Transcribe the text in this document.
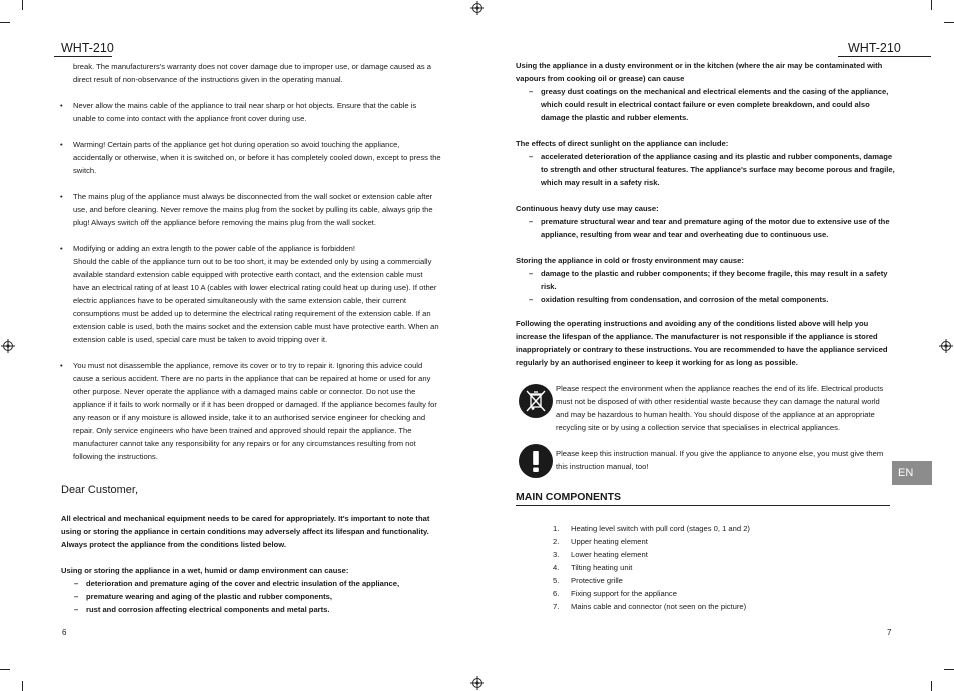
WHT-210
break. The manufacturers's warranty does not cover damage due to improper use, or damage caused as a direct result of non-observance of the instructions given in the operating manual.
• Never allow the mains cable of the appliance to trail near sharp or hot objects. Ensure that the cable is unable to come into contact with the appliance front cover during use.
• Warming! Certain parts of the appliance get hot during operation so avoid touching the appliance, accidentally or otherwise, when it is switched on, or before it has completely cooled down, except to press the switch.
• The mains plug of the appliance must always be disconnected from the wall socket or extension cable after use, and before cleaning. Never remove the mains plug from the socket by pulling its cable, always grip the plug! Always switch off the appliance before removing the mains plug from the wall socket.
• Modifying or adding an extra length to the power cable of the appliance is forbidden!
Should the cable of the appliance turn out to be too short, it may be extended only by using a commercially available standard extension cable equipped with protective earth contact, and the extension cable must have an electrical rating of at least 10 A (cables with lower electrical rating could heat up during use). If other electric appliances have to be operated simultaneously with the same extension cable, their current consumptions must be added up to determine the electrical rating requirement of the extension cable. If an extension cable is used, both the mains socket and the extension cable must have protective earth. When an extension cable is used, special care must be taken to avoid tripping over it.
• You must not disassemble the appliance, remove its cover or to try to repair it. Ignoring this advice could cause a serious accident. There are no parts in the appliance that can be repaired at home or used for any other purpose. Never operate the appliance with a damaged mains cable or connector. Do not use the appliance if it fails to work normally or if it has been dropped or damaged. If the appliance becomes faulty for any reason or if any moisture is allowed inside, take it to an authorised service engineer for checking and repair. Only service engineers who have been trained and approved should repair the appliance. The manufacturer cannot take any responsibility for any repairs or for any circumstances resulting from not following the instructions.
Dear Customer,
All electrical and mechanical equipment needs to be cared for appropriately. It's important to note that using or storing the appliance in certain conditions may adversely affect its lifespan and functionality. Always protect the appliance from the conditions listed below.
Using or storing the appliance in a wet, humid or damp environment can cause:
– deterioration and premature aging of the cover and electric insulation of the appliance,
– premature wearing and aging of the plastic and rubber components,
– rust and corrosion affecting electrical components and metal parts.
6
WHT-210
Using the appliance in a dusty environment or in the kitchen (where the air may be contaminated with vapours from cooking oil or grease) can cause
– greasy dust coatings on the mechanical and electrical elements and the casing of the appliance, which could result in electrical contact failure or even complete breakdown, and could also damage the plastic and rubber elements.
The effects of direct sunlight on the appliance can include:
– accelerated deterioration of the appliance casing and its plastic and rubber components, damage to strength and other structural features. The appliance's surface may become porous and fragile, which may result in a safety risk.
Continuous heavy duty use may cause:
– premature structural wear and tear and premature aging of the motor due to extensive use of the appliance, resulting from wear and tear and overheating due to continuous use.
Storing the appliance in cold or frosty environment may cause:
– damage to the plastic and rubber components; if they become fragile, this may result in a safety risk.
– oxidation resulting from condensation, and corrosion of the metal components.
Following the operating instructions and avoiding any of the conditions listed above will help you increase the lifespan of the appliance. The manufacturer is not responsible if the appliance is stored inappropriately or contrary to these instructions. You are recommended to have the appliance serviced regularly by an authorised engineer to keep it working for as long as possible.
Please respect the environment when the appliance reaches the end of its life. Electrical products must not be disposed of with other residential waste because they can damage the natural world and may be hazardous to human health. You should dispose of the appliance at an appropriate recycling site or by using a collection service that specialises in electrical appliances.
Please keep this instruction manual. If you give the appliance to anyone else, you must give them this instruction manual, too!
EN
MAIN COMPONENTS
1. Heating level switch with pull cord (stages 0, 1 and 2)
2. Upper heating element
3. Lower heating element
4. Tilting heating unit
5. Protective grille
6. Fixing support for the appliance
7. Mains cable and connector (not seen on the picture)
7
